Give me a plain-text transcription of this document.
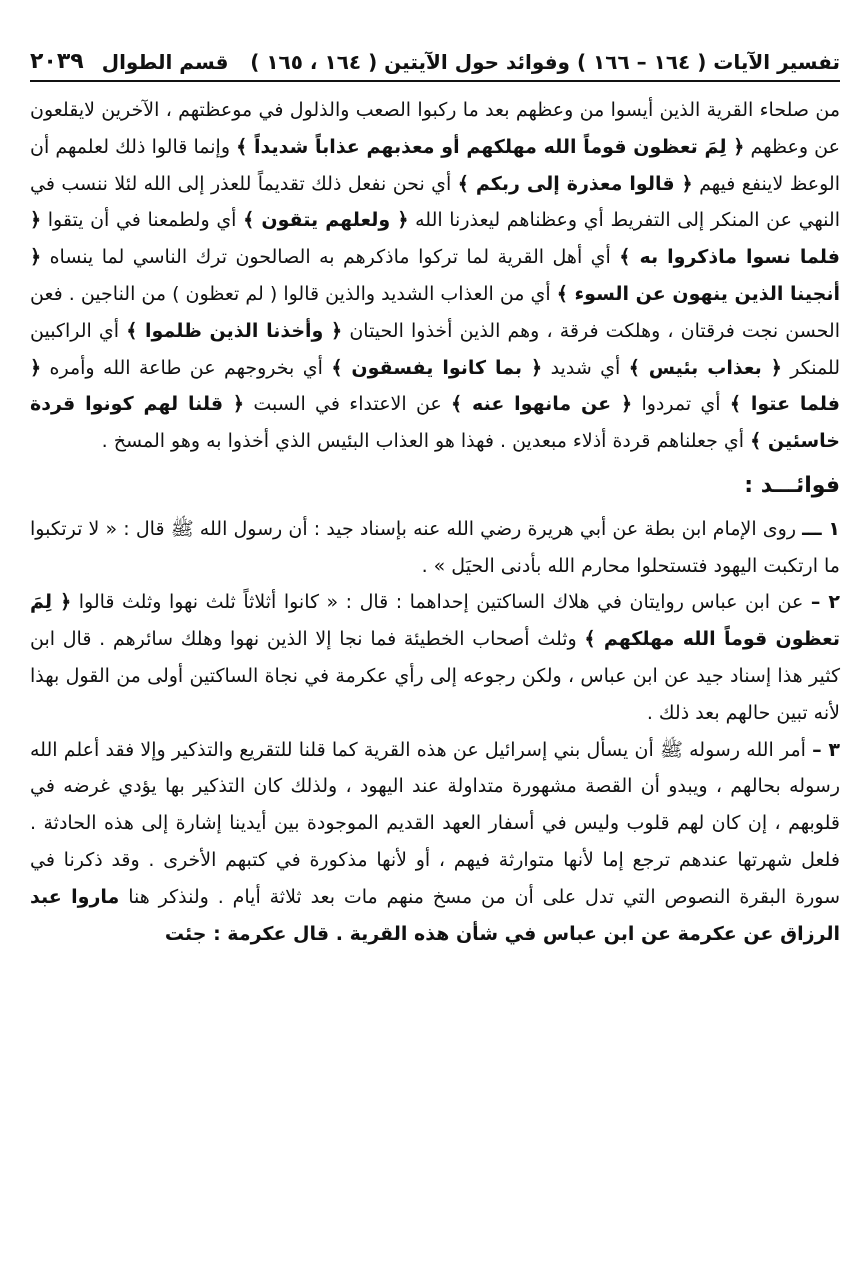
تفسير الآيات ( ١٦٤ – ١٦٦ ) وفوائد حول الآيتين ( ١٦٤ ، ١٦٥ )
قسم الطوال
٢٠٣٩

من صلحاء القرية الذين أيسوا من وعظهم بعد ما ركبوا الصعب والذلول في موعظتهم ، الآخرين لايقلعون عن وعظهم ﴿ لِمَ تعظون قوماً الله مهلكهم أو معذبهم عذاباً شديداً ﴾ وإنما قالوا ذلك لعلمهم أن الوعظ لاينفع فيهم ﴿ قالوا معذرة إلى ربكم ﴾ أي نحن نفعل ذلك تقديماً للعذر إلى الله لئلا ننسب في النهي عن المنكر إلى التفريط أي وعظناهم ليعذرنا الله ﴿ ولعلهم يتقون ﴾ أي ولطمعنا في أن يتقوا ﴿ فلما نسوا ماذكروا به ﴾ أي أهل القرية لما تركوا ماذكرهم به الصالحون ترك الناسي لما ينساه ﴿ أنجينا الذين ينهون عن السوء ﴾ أي من العذاب الشديد والذين قالوا ( لم تعظون ) من الناجين . فعن الحسن نجت فرقتان ، وهلكت فرقة ، وهم الذين أخذوا الحيتان ﴿ وأخذنا الذين ظلموا ﴾ أي الراكبين للمنكر ﴿ بعذاب بئيس ﴾ أي شديد ﴿ بما كانوا يفسقون ﴾ أي بخروجهم عن طاعة الله وأمره ﴿ فلما عتوا ﴾ أي تمردوا ﴿ عن مانهوا عنه ﴾ عن الاعتداء في السبت ﴿ قلنا لهم كونوا قردة خاسئين ﴾ أي جعلناهم قردة أذلاء مبعدين . فهذا هو العذاب البئيس الذي أخذوا به وهو المسخ .

فوائـــد :

١ ـــ روى الإمام ابن بطة عن أبي هريرة رضي الله عنه بإسناد جيد : أن رسول الله ﷺ قال : « لا ترتكبوا ما ارتكبت اليهود فتستحلوا محارم الله بأدنى الحيَل » .

٢ – عن ابن عباس روايتان في هلاك الساكتين إحداهما : قال : « كانوا أثلاثاً ثلث نهوا وثلث قالوا ﴿ لِمَ تعظون قوماً الله مهلكهم ﴾ وثلث أصحاب الخطيئة فما نجا إلا الذين نهوا وهلك سائرهم . قال ابن كثير هذا إسناد جيد عن ابن عباس ، ولكن رجوعه إلى رأي عكرمة في نجاة الساكتين أولى من القول بهذا لأنه تبين حالهم بعد ذلك .

٣ – أمر الله رسوله ﷺ أن يسأل بني إسرائيل عن هذه القرية كما قلنا للتقريع والتذكير وإلا فقد أعلم الله رسوله بحالهم ، ويبدو أن القصة مشهورة متداولة عند اليهود ، ولذلك كان التذكير بها يؤدي غرضه في قلوبهم ، إن كان لهم قلوب وليس في أسفار العهد القديم الموجودة بين أيدينا إشارة إلى هذه الحادثة . فلعل شهرتها عندهم ترجع إما لأنها متوارثة فيهم ، أو لأنها مذكورة في كتبهم الأخرى . وقد ذكرنا في سورة البقرة النصوص التي تدل على أن من مسخ منهم مات بعد ثلاثة أيام . ولنذكر هنا ماروا عبد الرزاق عن عكرمة عن ابن عباس في شأن هذه القرية . قال عكرمة : جئت
